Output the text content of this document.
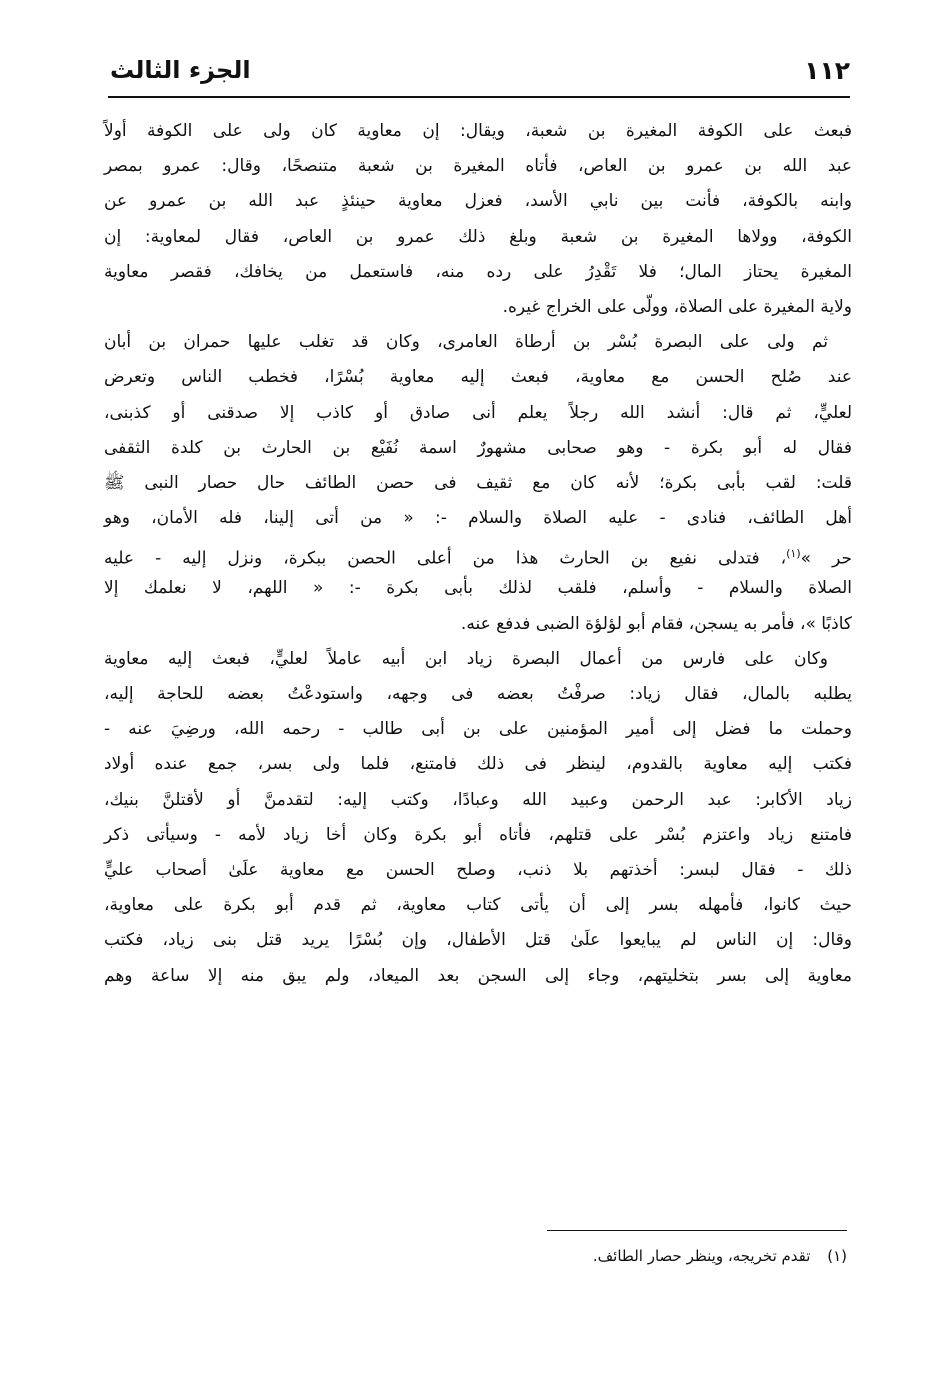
١١٢
الجزء الثالث

فبعث على الكوفة المغيرة بن شعبة، ويقال: إن معاوية كان ولى على الكوفة أولاً
عبد الله بن عمرو بن العاص، فأتاه المغيرة بن شعبة متنصحًا، وقال: عمرو بمصر
وابنه بالكوفة، فأنت بين نابي الأسد، فعزل معاوية حينئذٍ عبد الله بن عمرو عن
الكوفة، وولاها المغيرة بن شعبة وبلغ ذلك عمرو بن العاص، فقال لمعاوية: إن
المغيرة يحتاز المال؛ فلا تَقْدِرُ على رده منه، فاستعمل من يخافك، فقصر معاوية
ولاية المغيرة على الصلاة، وولّى على الخراج غيره.

ثم ولى على البصرة بُسْر بن أرطاة العامرى، وكان قد تغلب عليها حمران بن أبان
عند صُلح الحسن مع معاوية، فبعث إليه معاوية بُسْرًا، فخطب الناس وتعرض
لعليٍّ، ثم قال: أنشد الله رجلاً يعلم أنى صادق أو كاذب إلا صدقنى أو كذبنى،
فقال له أبو بكرة - وهو صحابى مشهورٌ اسمة نُفَيْع بن الحارث بن كلدة الثقفى
قلت: لقب بأبى بكرة؛ لأنه كان مع ثقيف فى حصن الطائف حال حصار النبى ﷺ
أهل الطائف، فنادى - عليه الصلاة والسلام -: « من أتى إلينا، فله الأمان، وهو
حر »$^{(١)}$، فتدلى نفيع بن الحارث هذا من أعلى الحصن ببكرة، ونزل إليه - عليه
الصلاة والسلام - وأسلم، فلقب لذلك بأبى بكرة -: « اللهم، لا نعلمك إلا
كاذبًا »، فأمر به يسجن، فقام أبو لؤلؤة الضبى فدفع عنه.

وكان على فارس من أعمال البصرة زياد ابن أبيه عاملاً لعليٍّ، فبعث إليه معاوية
يطلبه بالمال، فقال زياد: صرفْتُ بعضه فى وجهه، واستودعْتُ بعضه للحاجة إليه،
وحملت ما فضل إلى أمير المؤمنين على بن أبى طالب - رحمه الله، ورضِيَ عنه -
فكتب إليه معاوية بالقدوم، لينظر فى ذلك فامتنع، فلما ولى بسر، جمع عنده أولاد
زياد الأكابر: عبد الرحمن وعبيد الله وعبادًا، وكتب إليه: لتقدمنَّ أو لأقتلنَّ بنيك،
فامتنع زياد واعتزم بُسْر على قتلهم، فأتاه أبو بكرة وكان أخا زياد لأمه - وسيأتى ذكر
ذلك - فقال لبسر: أخذتهم بلا ذنب، وصلح الحسن مع معاوية علَىٰ أصحاب عليٍّ
حيث كانوا، فأمهله بسر إلى أن يأتى كتاب معاوية، ثم قدم أبو بكرة على معاوية،
وقال: إن الناس لم يبايعوا علَىٰ قتل الأطفال، وإن بُسْرًا يريد قتل بنى زياد، فكتب
معاوية إلى بسر بتخليتهم، وجاء إلى السجن بعد الميعاد، ولم يبق منه إلا ساعة وهم

(١) تقدم تخريجه، وينظر حصار الطائف.
